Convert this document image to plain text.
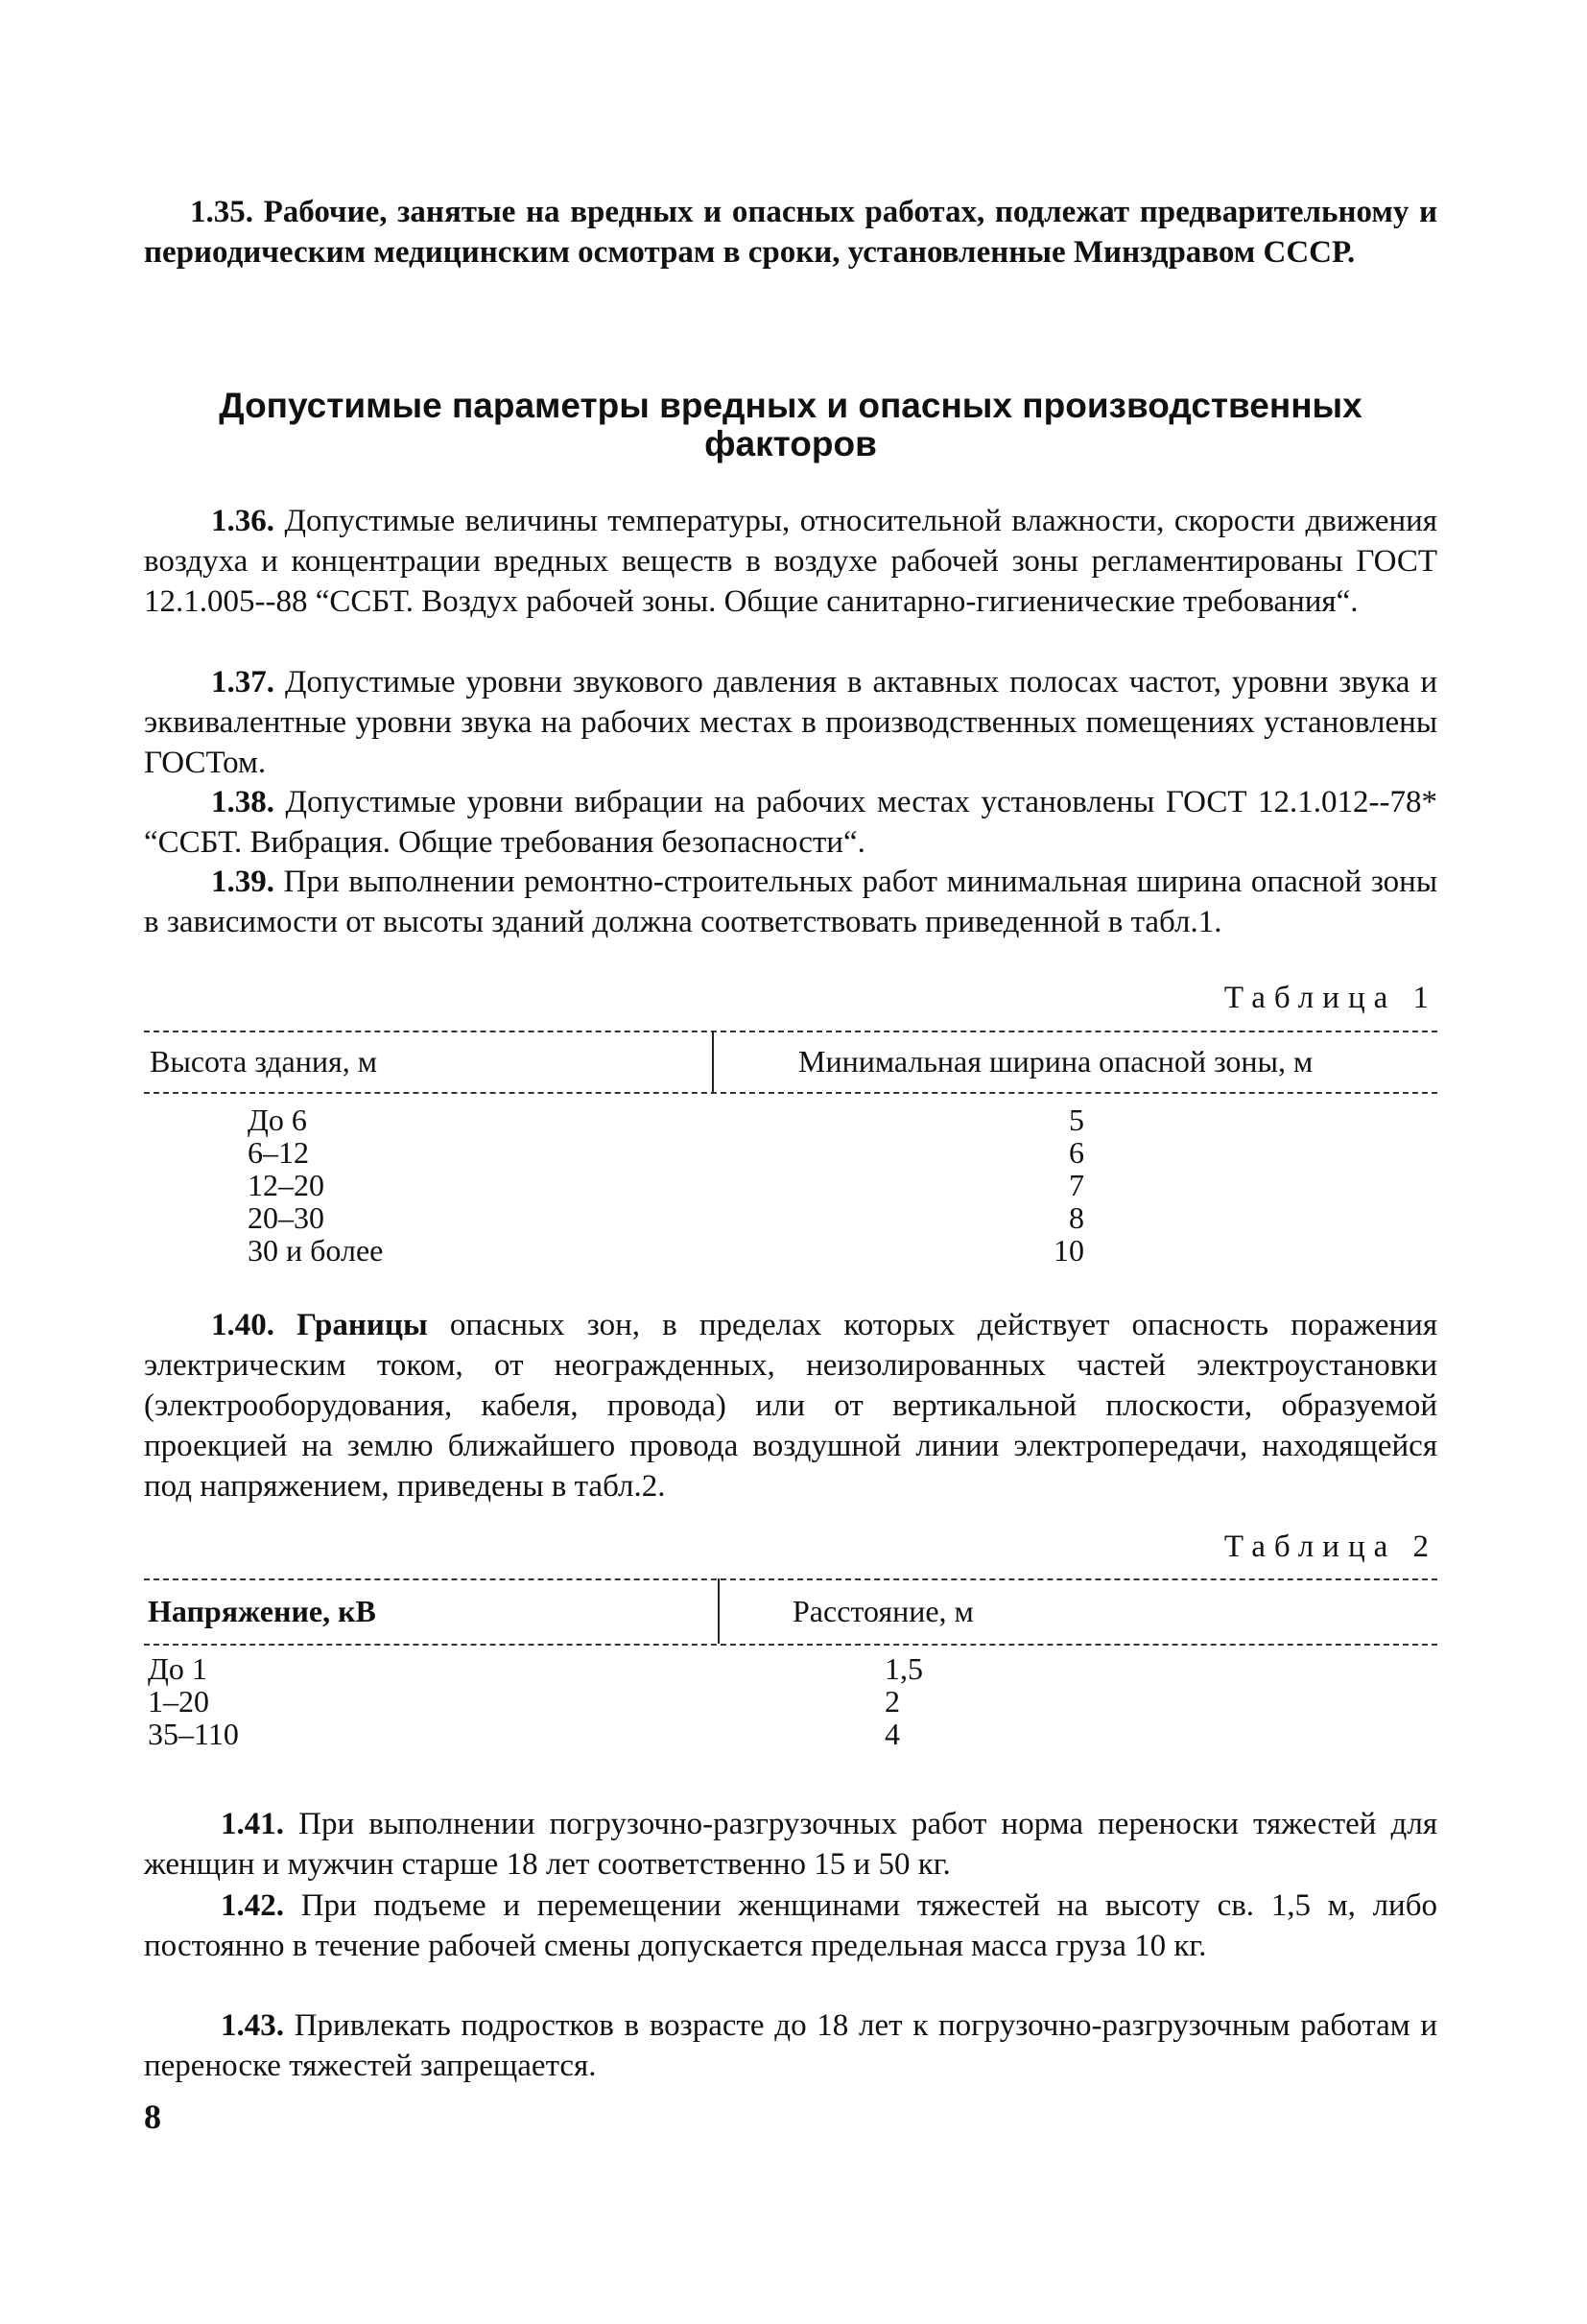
1.35. Рабочие, занятые на вредных и опасных работах, подлежат предварительному и периодическим медицинским осмотрам в сроки, установленные Минздравом СССР.

Допустимые параметры вредных и опасных производственных
факторов

1.36. Допустимые величины температуры, относительной влажности, скорости движения воздуха и концентрации вредных веществ в воздухе рабочей зоны регламентированы ГОСТ 12.1.005--88 “ССБТ. Воздух рабочей зоны. Общие санитарно-гигиенические требования“.

1.37. Допустимые уровни звукового давления в актавных полосах частот, уровни звука и эквивалентные уровни звука на рабочих местах в производственных помещениях установлены ГОСТом.

1.38. Допустимые уровни вибрации на рабочих местах установлены ГОСТ 12.1.012--78* “ССБТ. Вибрация. Общие требования безопасности“.

1.39. При выполнении ремонтно-строительных работ минимальная ширина опасной зоны в зависимости от высоты зданий должна соответствовать приведенной в табл.1.

Таблица 1

Высота здания, м	Минимальная ширина опасной зоны, м

До 6
6–12
12–20
20–30
30 и более
5
6
7
8
10

1.40. Границы опасных зон, в пределах которых действует опасность поражения электрическим током, от неогражденных, неизолированных частей электроустановки (электрооборудования, кабеля, провода) или от вертикальной плоскости, образуемой проекцией на землю ближайшего провода воздушной линии электропередачи, находящейся под напряжением, приведены в табл.2.

Таблица 2

Напряжение, кВ	Расстояние, м

До 1
1–20
35–110
1,5
2
4

1.41. При выполнении погрузочно-разгрузочных работ норма переноски тяжестей для женщин и мужчин старше 18 лет соответственно 15 и 50 кг.

1.42. При подъеме и перемещении женщинами тяжестей на высоту св. 1,5 м, либо постоянно в течение рабочей смены допускается предельная масса груза 10 кг.

1.43. Привлекать подростков в возрасте до 18 лет к погрузочно-разгрузочным работам и переноске тяжестей запрещается.

8
